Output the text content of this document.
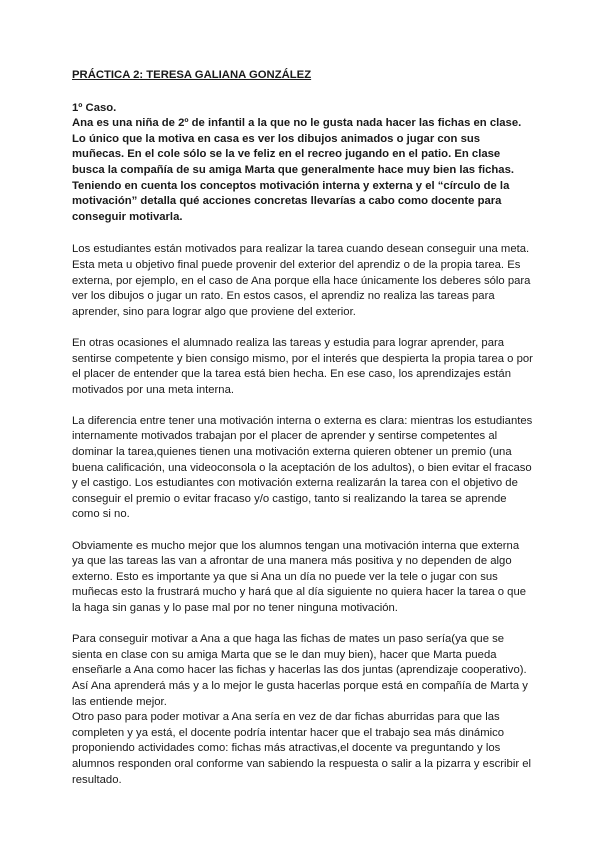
PRÁCTICA 2: TERESA GALIANA GONZÁLEZ

1º Caso.

Ana es una niña de 2º de infantil a la que no le gusta nada hacer las fichas en clase. Lo único que la motiva en casa es ver los dibujos animados o jugar con sus muñecas. En el cole sólo se la ve feliz en el recreo jugando en el patio. En clase busca la compañía de su amiga Marta que generalmente hace muy bien las fichas. Teniendo en cuenta los conceptos motivación interna y externa y el “círculo de la motivación” detalla qué acciones concretas llevarías a cabo como docente para conseguir motivarla.

Los estudiantes están motivados para realizar la tarea cuando desean conseguir una meta. Esta meta u objetivo final puede provenir del exterior del aprendiz o de la propia tarea. Es externa, por ejemplo, en el caso de Ana porque ella hace únicamente los deberes sólo para ver los dibujos o jugar un rato. En estos casos, el aprendiz no realiza las tareas para aprender, sino para lograr algo que proviene del exterior.

En otras ocasiones el alumnado realiza las tareas y estudia para lograr aprender, para sentirse competente y bien consigo mismo, por el interés que despierta la propia tarea o por el placer de entender que la tarea está bien hecha. En ese caso, los aprendizajes están motivados por una meta interna.

La diferencia entre tener una motivación interna o externa es clara: mientras los estudiantes internamente motivados trabajan por el placer de aprender y sentirse competentes al dominar la tarea,quienes tienen una motivación externa quieren obtener un premio (una buena calificación, una videoconsola o la aceptación de los adultos), o bien evitar el fracaso y el castigo. Los estudiantes con motivación externa realizarán la tarea con el objetivo de conseguir el premio o evitar fracaso y/o castigo, tanto si realizando la tarea se aprende como si no.

Obviamente es mucho mejor que los alumnos tengan una motivación interna que externa ya que las tareas las van a afrontar de una manera más positiva y no dependen de algo externo. Esto es importante ya que si Ana un día no puede ver la tele o jugar con sus muñecas esto la frustrará mucho y hará que al día siguiente no quiera hacer la tarea o que la haga sin ganas y lo pase mal por no tener ninguna motivación.

Para conseguir motivar a Ana a que haga las fichas de mates un paso sería(ya que se sienta en clase con su amiga Marta que se le dan muy bien), hacer que Marta pueda enseñarle a Ana como hacer las fichas y hacerlas las dos juntas (aprendizaje cooperativo). Así Ana aprenderá más y a lo mejor le gusta hacerlas porque está en compañía de Marta y las entiende mejor.

Otro paso para poder motivar a Ana sería en vez de dar fichas aburridas para que las completen y ya está, el docente podría intentar hacer que el trabajo sea más dinámico proponiendo actividades como: fichas más atractivas,el docente va preguntando y los alumnos responden oral conforme van sabiendo la respuesta o salir a la pizarra y escribir el resultado.
